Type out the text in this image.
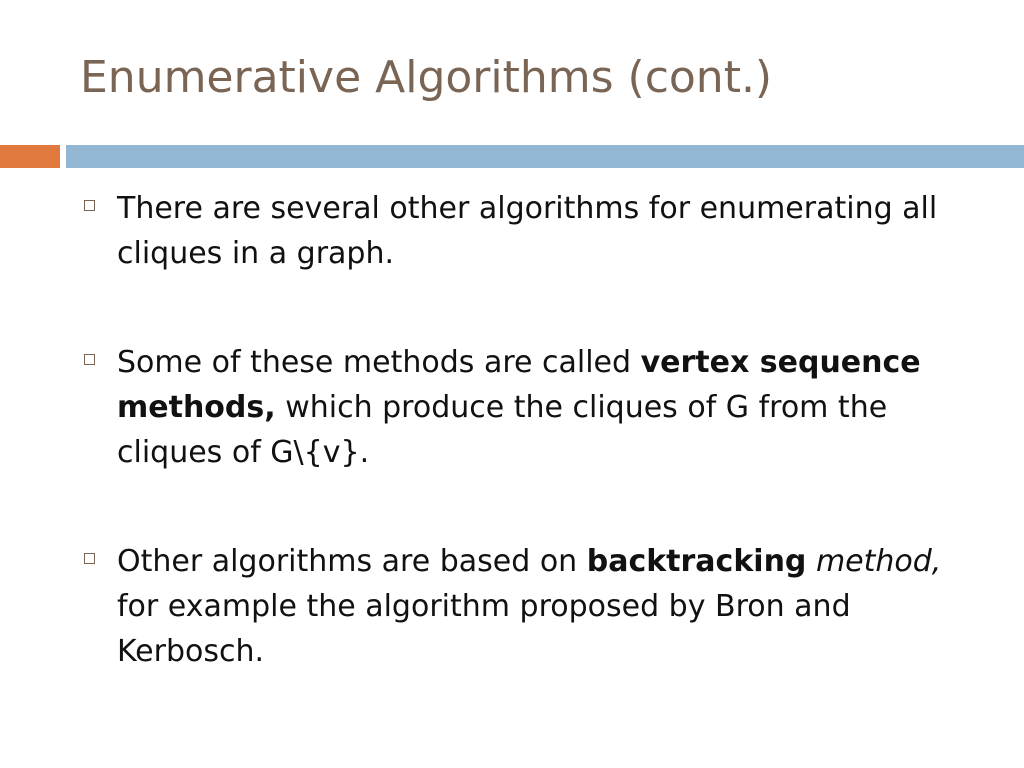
Enumerative Algorithms (cont.)
There are several other algorithms for enumerating all cliques in a graph.
Some of these methods are called vertex sequence methods, which produce the cliques of G from the cliques of G\{v}.
Other algorithms are based on backtracking method, for example the algorithm proposed by Bron and Kerbosch.
